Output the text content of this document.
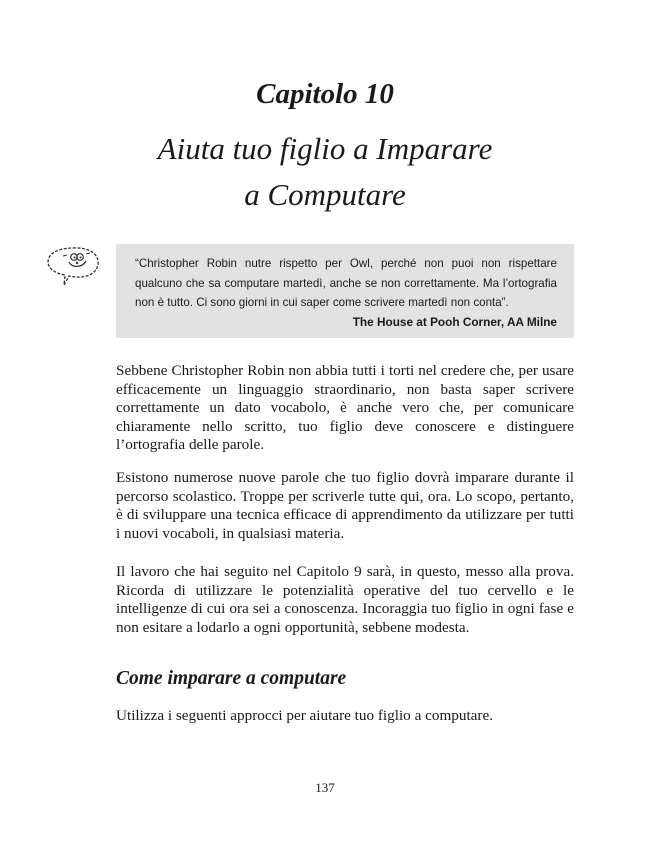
Capitolo 10
Aiuta tuo figlio a Imparare
a Computare

“Christopher Robin nutre rispetto per Owl, perché non puoi non rispettare qualcuno che sa computare martedì, anche se non correttamente. Ma l’ortografia non è tutto. Ci sono giorni in cui saper come scrivere martedì non conta”.

The House at Pooh Corner, AA Milne

Sebbene Christopher Robin non abbia tutti i torti nel credere che, per usare efficacemente un linguaggio straordinario, non basta saper scrivere correttamente un dato vocabolo, è anche vero che, per comunicare chiaramente nello scritto, tuo figlio deve conoscere e distinguere l’ortografia delle parole.

Esistono numerose nuove parole che tuo figlio dovrà imparare durante il percorso scolastico. Troppe per scriverle tutte qui, ora. Lo scopo, pertanto, è di sviluppare una tecnica efficace di apprendimento da utilizzare per tutti i nuovi vocaboli, in qualsiasi materia.

Il lavoro che hai seguito nel Capitolo 9 sarà, in questo, messo alla prova. Ricorda di utilizzare le potenzialità operative del tuo cervello e le intelligenze di cui ora sei a conoscenza. Incoraggia tuo figlio in ogni fase e non esitare a lodarlo a ogni opportunità, sebbene modesta.

Come imparare a computare

Utilizza i seguenti approcci per aiutare tuo figlio a computare.

137
